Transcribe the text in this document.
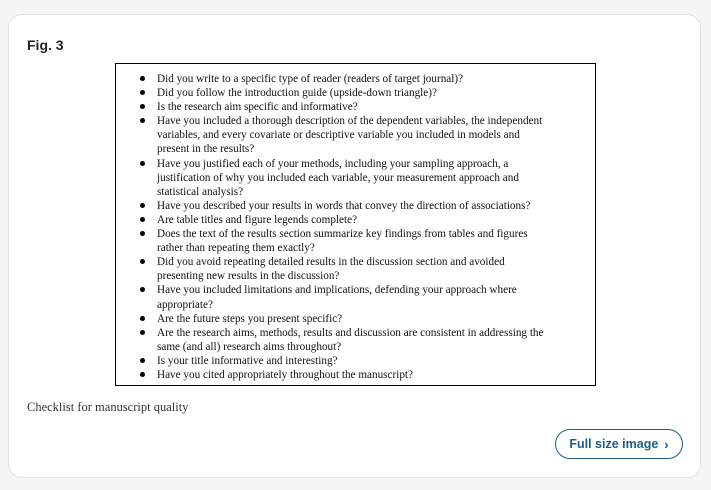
Fig. 3
Did you write to a specific type of reader (readers of target journal)?
Did you follow the introduction guide (upside-down triangle)?
Is the research aim specific and informative?
Have you included a thorough description of the dependent variables, the independent
variables, and every covariate or descriptive variable you included in models and
present in the results?
Have you justified each of your methods, including your sampling approach, a
justification of why you included each variable, your measurement approach and
statistical analysis?
Have you described your results in words that convey the direction of associations?
Are table titles and figure legends complete?
Does the text of the results section summarize key findings from tables and figures
rather than repeating them exactly?
Did you avoid repeating detailed results in the discussion section and avoided
presenting new results in the discussion?
Have you included limitations and implications, defending your approach where
appropriate?
Are the future steps you present specific?
Are the research aims, methods, results and discussion are consistent in addressing the
same (and all) research aims throughout?
Is your title informative and interesting?
Have you cited appropriately throughout the manuscript?
Checklist for manuscript quality
Full size image ›
